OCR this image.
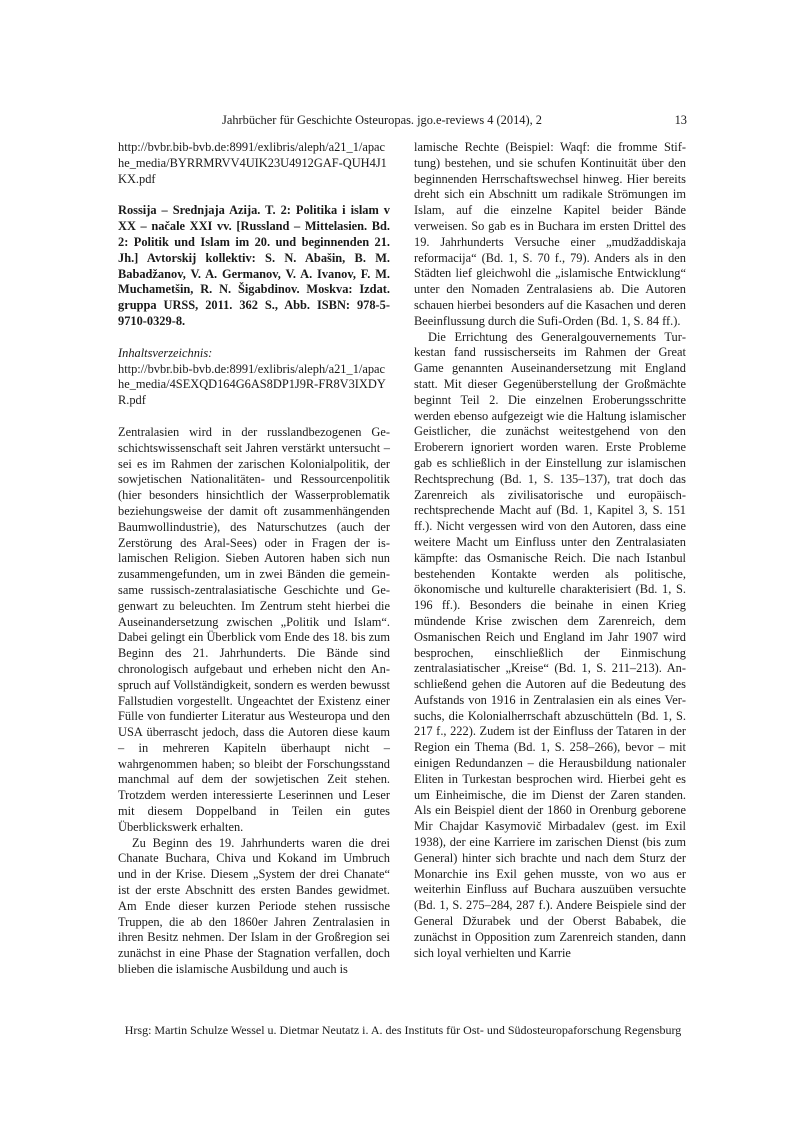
Jahrbücher für Geschichte Osteuropas. jgo.e-reviews 4 (2014), 2	13

http://bvbr.bib-bvb.de:8991/exlibris/aleph/a21_1/apache_media/BYRRMRVV4UIK23U4912GAF-QUH4J1KX.pdf

Rossija – Srednjaja Azija. T. 2: Politika i islam v XX – načale XXI vv. [Russland – Mittelasien. Bd. 2: Politik und Islam im 20. und beginnenden 21. Jh.] Avtorskij kollektiv: S. N. Abašin, B. M. Babadžanov, V. A. Germanov, V. A. Ivanov, F. M. Muchametšin, R. N. Šigabdinov. Moskva: Izdat. gruppa URSS, 2011. 362 S., Abb. ISBN: 978-5-9710-0329-8.

Inhaltsverzeichnis:

http://bvbr.bib-bvb.de:8991/exlibris/aleph/a21_1/apache_media/4SEXQD164G6AS8DP1J9R-FR8V3IXDYR.pdf

Zentralasien wird in der russlandbezogenen Geschichtswissenschaft seit Jahren verstärkt untersucht – sei es im Rahmen der zarischen Kolonialpolitik, der sowjetischen Nationalitäten- und Ressourcenpolitik (hier besonders hinsichtlich der Wasserproblematik beziehungsweise der damit oft zusammenhängenden Baumwollindustrie), des Naturschutzes (auch der Zerstörung des Aral-Sees) oder in Fragen der islamischen Religion. Sieben Autoren haben sich nun zusammengefunden, um in zwei Bänden die gemeinsame russisch-zentralasiatische Geschichte und Gegenwart zu beleuchten. Im Zentrum steht hierbei die Auseinandersetzung zwischen „Politik und Islam“. Dabei gelingt ein Überblick vom Ende des 18. bis zum Beginn des 21. Jahrhunderts. Die Bände sind chronologisch aufgebaut und erheben nicht den Anspruch auf Vollständigkeit, sondern es werden bewusst Fallstudien vorgestellt. Ungeachtet der Existenz einer Fülle von fundierter Literatur aus Westeuropa und den USA überrascht jedoch, dass die Autoren diese kaum – in mehreren Kapiteln überhaupt nicht – wahrgenommen haben; so bleibt der Forschungsstand manchmal auf dem der sowjetischen Zeit stehen. Trotzdem werden interessierte Leserinnen und Leser mit diesem Doppelband in Teilen ein gutes Überblickswerk erhalten.

Zu Beginn des 19. Jahrhunderts waren die drei Chanate Buchara, Chiva und Kokand im Umbruch und in der Krise. Diesem „System der drei Chanate“ ist der erste Abschnitt des ersten Bandes gewidmet. Am Ende dieser kurzen Periode stehen russische Truppen, die ab den 1860er Jahren Zentralasien in ihren Besitz nehmen. Der Islam in der Großregion sei zunächst in eine Phase der Stagnation verfallen, doch blieben die islamische Ausbildung und auch is

lamische Rechte (Beispiel: Waqf: die fromme Stiftung) bestehen, und sie schufen Kontinuität über den beginnenden Herrschaftswechsel hinweg. Hier bereits dreht sich ein Abschnitt um radikale Strömungen im Islam, auf die einzelne Kapitel beider Bände verweisen. So gab es in Buchara im ersten Drittel des 19. Jahrhunderts Versuche einer „mudžaddiskaja reformacija“ (Bd. 1, S. 70 f., 79). Anders als in den Städten lief gleichwohl die „islamische Entwicklung“ unter den Nomaden Zentralasiens ab. Die Autoren schauen hierbei besonders auf die Kasachen und deren Beeinflussung durch die Sufi-Orden (Bd. 1, S. 84 ff.).

Die Errichtung des Generalgouvernements Turkestan fand russischerseits im Rahmen der Great Game genannten Auseinandersetzung mit England statt. Mit dieser Gegenüberstellung der Großmächte beginnt Teil 2. Die einzelnen Eroberungsschritte werden ebenso aufgezeigt wie die Haltung islamischer Geistlicher, die zunächst weitestgehend von den Eroberern ignoriert worden waren. Erste Probleme gab es schließlich in der Einstellung zur islamischen Rechtsprechung (Bd. 1, S. 135–137), trat doch das Zarenreich als zivilisatorische und europäisch-rechtsprechende Macht auf (Bd. 1, Kapitel 3, S. 151 ff.). Nicht vergessen wird von den Autoren, dass eine weitere Macht um Einfluss unter den Zentralasiaten kämpfte: das Osmanische Reich. Die nach Istanbul bestehenden Kontakte werden als politische, ökonomische und kulturelle charakterisiert (Bd. 1, S. 196 ff.). Besonders die beinahe in einen Krieg mündende Krise zwischen dem Zarenreich, dem Osmanischen Reich und England im Jahr 1907 wird besprochen, einschließlich der Einmischung zentralasiatischer „Kreise“ (Bd. 1, S. 211–213). Anschließend gehen die Autoren auf die Bedeutung des Aufstands von 1916 in Zentralasien ein als eines Versuchs, die Kolonialherrschaft abzuschütteln (Bd. 1, S. 217 f., 222). Zudem ist der Einfluss der Tataren in der Region ein Thema (Bd. 1, S. 258–266), bevor – mit einigen Redundanzen – die Herausbildung nationaler Eliten in Turkestan besprochen wird. Hierbei geht es um Einheimische, die im Dienst der Zaren standen. Als ein Beispiel dient der 1860 in Orenburg geborene Mir Chajdar Kasymovič Mirbadalev (gest. im Exil 1938), der eine Karriere im zarischen Dienst (bis zum General) hinter sich brachte und nach dem Sturz der Monarchie ins Exil gehen musste, von wo aus er weiterhin Einfluss auf Buchara auszuüben versuchte (Bd. 1, S. 275–284, 287 f.). Andere Beispiele sind der General Džurabek und der Oberst Bababek, die zunächst in Opposition zum Zarenreich standen, dann sich loyal verhielten und Karrie

Hrsg: Martin Schulze Wessel u. Dietmar Neutatz i. A. des Instituts für Ost- und Südosteuropaforschung Regensburg
